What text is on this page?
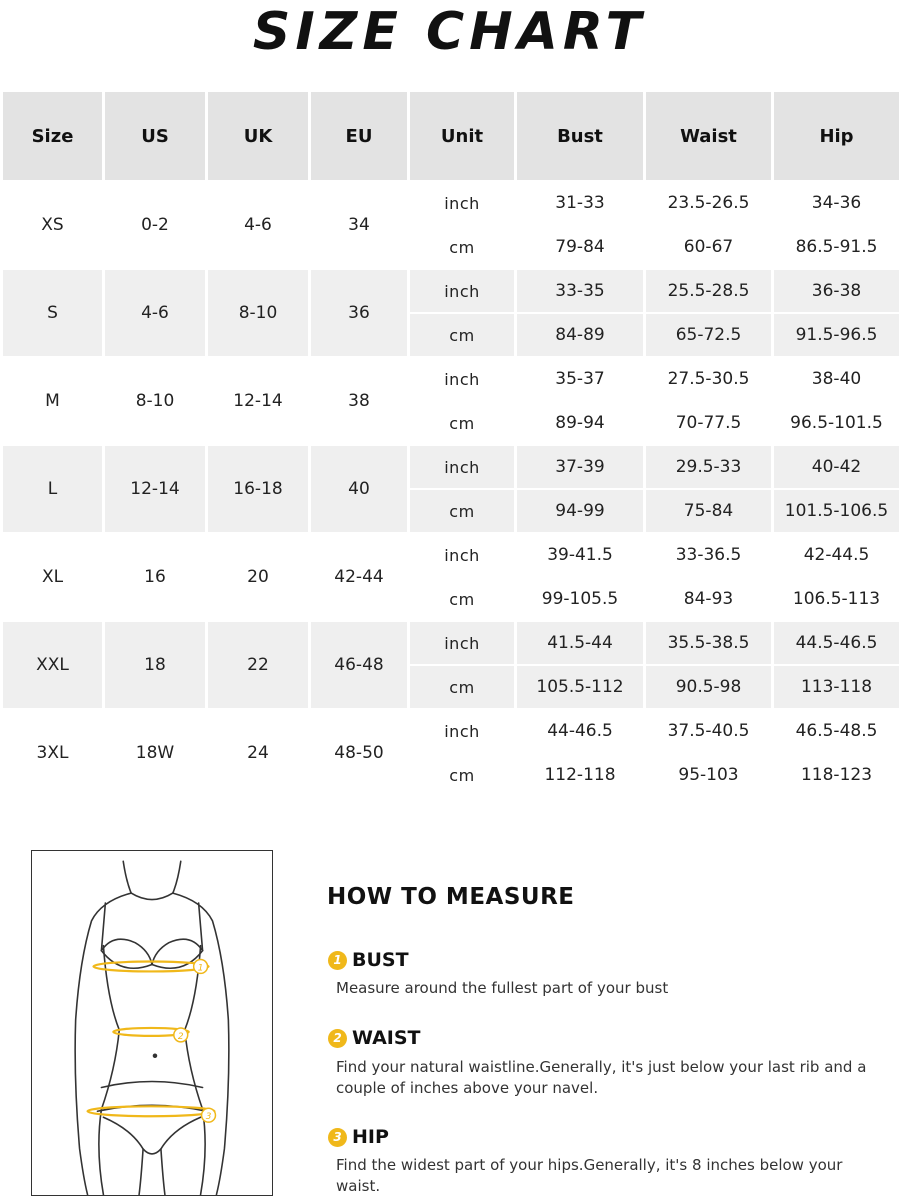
SIZE CHART
Size	US	UK	EU	Unit	Bust	Waist	Hip
XS	0-2	4-6	34	inch	31-33	23.5-26.5	34-36
				cm	79-84	60-67	86.5-91.5
S	4-6	8-10	36	inch	33-35	25.5-28.5	36-38
				cm	84-89	65-72.5	91.5-96.5
M	8-10	12-14	38	inch	35-37	27.5-30.5	38-40
				cm	89-94	70-77.5	96.5-101.5
L	12-14	16-18	40	inch	37-39	29.5-33	40-42
				cm	94-99	75-84	101.5-106.5
XL	16	20	42-44	inch	39-41.5	33-36.5	42-44.5
				cm	99-105.5	84-93	106.5-113
XXL	18	22	46-48	inch	41.5-44	35.5-38.5	44.5-46.5
				cm	105.5-112	90.5-98	113-118
3XL	18W	24	48-50	inch	44-46.5	37.5-40.5	46.5-48.5
				cm	112-118	95-103	118-123
1
2
3
HOW TO MEASURE
1 BUST
Measure around the fullest part of your bust
2 WAIST
Find your natural waistline.Generally, it's just below your last rib and a couple of inches above your navel.
3 HIP
Find the widest part of your hips.Generally, it's 8 inches below your waist.
